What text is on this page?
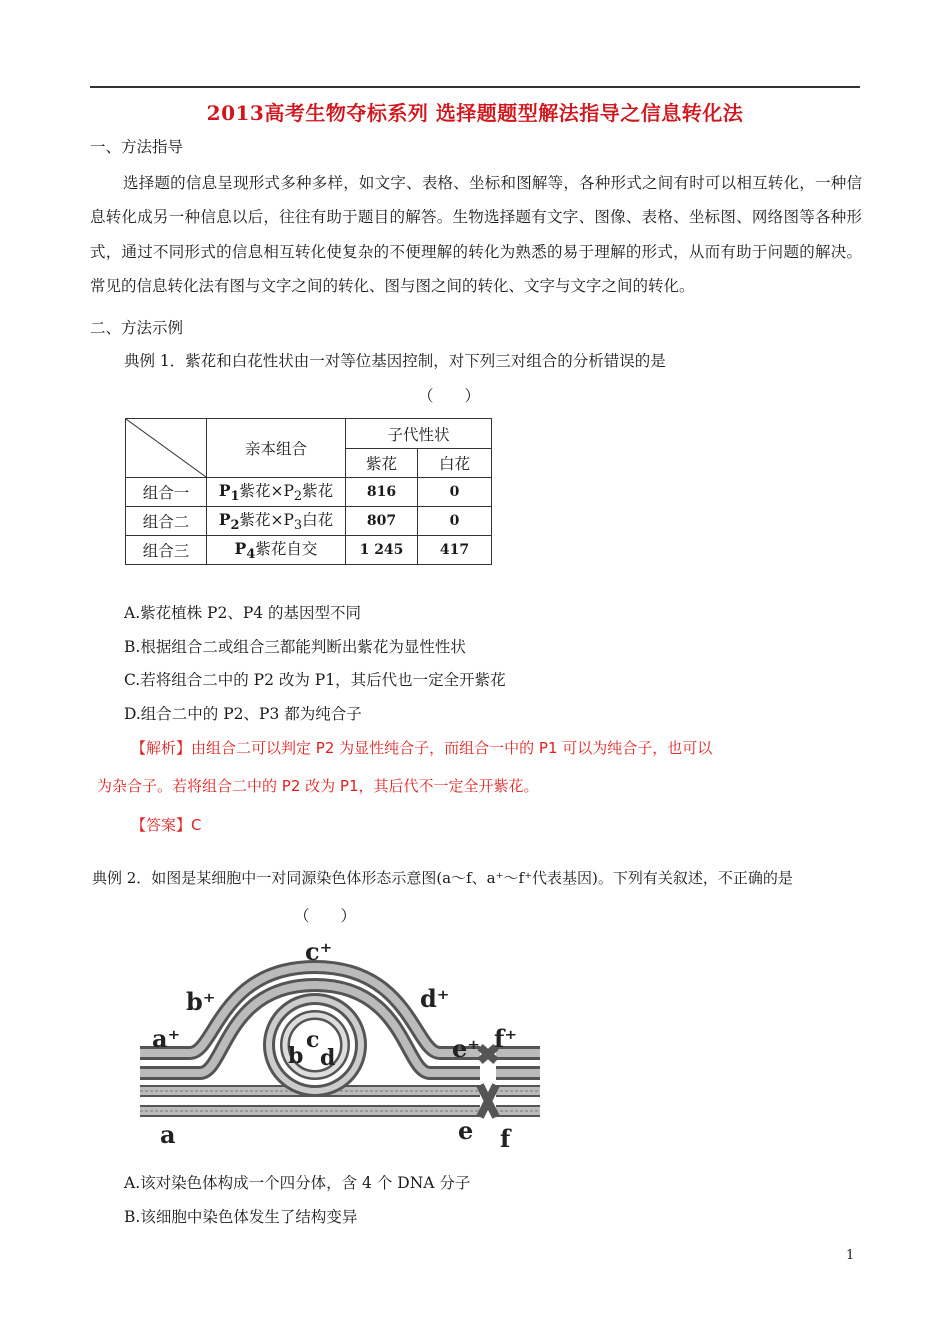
2013高考生物夺标系列 选择题题型解法指导之信息转化法
一、方法指导
选择题的信息呈现形式多种多样，如文字、表格、坐标和图解等，各种形式之间有时可以相互转化，一种信息转化成另一种信息以后，往往有助于题目的解答。生物选择题有文字、图像、表格、坐标图、网络图等各种形式，通过不同形式的信息相互转化使复杂的不便理解的转化为熟悉的易于理解的形式，从而有助于问题的解决。常见的信息转化法有图与文字之间的转化、图与图之间的转化、文字与文字之间的转化。
二、方法示例
典例 1．紫花和白花性状由一对等位基因控制，对下列三对组合的分析错误的是
（　　）
	亲本组合	子代性状	
		紫花	白花
组合一	$P_1$紫花$\times P_2$紫花	816	0
组合二	$P_2$紫花$\times P_3$白花	807	0
组合三	$P_4$紫花自交	1 245	417
A.紫花植株 P2、P4 的基因型不同
B.根据组合二或组合三都能判断出紫花为显性性状
C.若将组合二中的 P2 改为 P1，其后代也一定全开紫花
D.组合二中的 P2、P3 都为纯合子
【解析】由组合二可以判定 P2 为显性纯合子，而组合一中的 P1 可以为纯合子，也可以
为杂合子。若将组合二中的 P2 改为 P1，其后代不一定全开紫花。
【答案】C
典例 2．如图是某细胞中一对同源染色体形态示意图(a～f、a⁺～f⁺代表基因)。下列有关叙述，不正确的是
（　　）
c⁺
b⁺	d⁺
a⁺	e⁺ f⁺
c
b d
a	e f
A.该对染色体构成一个四分体，含 4 个 DNA 分子
B.该细胞中染色体发生了结构变异
1
